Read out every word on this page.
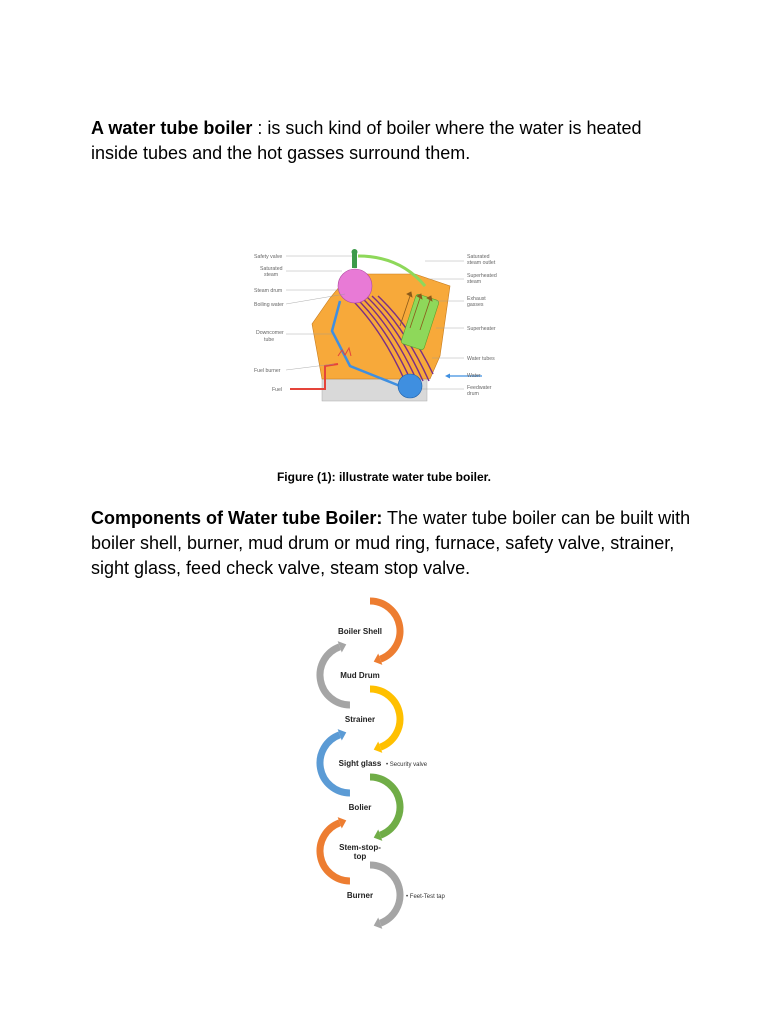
A water tube boiler : is such kind of boiler where the water is heated inside tubes and the hot gasses surround them.
Safety valve
Saturated
steam
Steam drum
Boiling water
Downcomer
tube
Fuel burner
Fuel
Saturated
steam outlet
Superheated
steam
Exhaust
gasses
Superheater
Water tubes
Water
Feedwater
drum
Figure (1): illustrate water tube boiler.
Components of Water tube Boiler: The water tube boiler can be built with boiler shell, burner, mud drum or mud ring, furnace, safety valve, strainer, sight glass, feed check valve, steam stop valve.
Boiler Shell
Mud Drum
Strainer
Sight glass
Bolier
Stem-stop-
top
Burner
• Security valve
• Feet-Test tap
